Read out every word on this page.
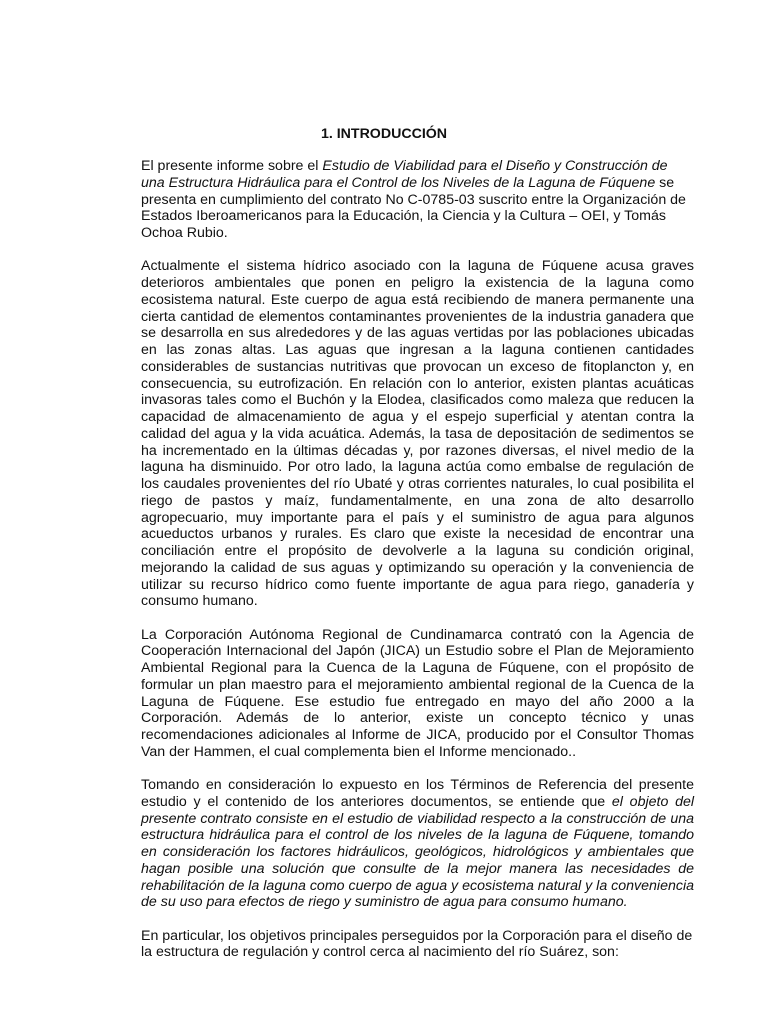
1. INTRODUCCIÓN

El presente informe sobre el Estudio de Viabilidad para el Diseño y Construcción de una Estructura Hidráulica para el Control de los Niveles de la Laguna de Fúquene se presenta en cumplimiento del contrato No C-0785-03 suscrito entre la Organización de Estados Iberoamericanos para la Educación, la Ciencia y la Cultura – OEI, y Tomás Ochoa Rubio.

Actualmente el sistema hídrico asociado con la laguna de Fúquene acusa graves deterioros ambientales que ponen en peligro la existencia de la laguna como ecosistema natural. Este cuerpo de agua está recibiendo de manera permanente una cierta cantidad de elementos contaminantes provenientes de la industria ganadera que se desarrolla en sus alrededores y de las aguas vertidas por las poblaciones ubicadas en las zonas altas. Las aguas que ingresan a la laguna contienen cantidades considerables de sustancias nutritivas que provocan un exceso de fitoplancton y, en consecuencia, su eutrofización. En relación con lo anterior, existen plantas acuáticas invasoras tales como el Buchón y la Elodea, clasificados como maleza que reducen la capacidad de almacenamiento de agua y el espejo superficial y atentan contra la calidad del agua y la vida acuática. Además, la tasa de depositación de sedimentos se ha incrementado en la últimas décadas y, por razones diversas, el nivel medio de la laguna ha disminuido. Por otro lado, la laguna actúa como embalse de regulación de los caudales provenientes del río Ubaté y otras corrientes naturales, lo cual posibilita el riego de pastos y maíz, fundamentalmente, en una zona de alto desarrollo agropecuario, muy importante para el país y el suministro de agua para algunos acueductos urbanos y rurales. Es claro que existe la necesidad de encontrar una conciliación entre el propósito de devolverle a la laguna su condición original, mejorando la calidad de sus aguas y optimizando su operación y la conveniencia de utilizar su recurso hídrico como fuente importante de agua para riego, ganadería y consumo humano.

La Corporación Autónoma Regional de Cundinamarca contrató con la Agencia de Cooperación Internacional del Japón (JICA) un Estudio sobre el Plan de Mejoramiento Ambiental Regional para la Cuenca de la Laguna de Fúquene, con el propósito de formular un plan maestro para el mejoramiento ambiental regional de la Cuenca de la Laguna de Fúquene. Ese estudio fue entregado en mayo del año 2000 a la Corporación. Además de lo anterior, existe un concepto técnico y unas recomendaciones adicionales al Informe de JICA, producido por el Consultor Thomas Van der Hammen, el cual complementa bien el Informe mencionado..

Tomando en consideración lo expuesto en los Términos de Referencia del presente estudio y el contenido de los anteriores documentos, se entiende que el objeto del presente contrato consiste en el estudio de viabilidad respecto a la construcción de una estructura hidráulica para el control de los niveles de la laguna de Fúquene, tomando en consideración los factores hidráulicos, geológicos, hidrológicos y ambientales que hagan posible una solución que consulte de la mejor manera las necesidades de rehabilitación de la laguna como cuerpo de agua y ecosistema natural y la conveniencia de su uso para efectos de riego y suministro de agua para consumo humano.

En particular, los objetivos principales perseguidos por la Corporación para el diseño de la estructura de regulación y control cerca al nacimiento del río Suárez, son:
